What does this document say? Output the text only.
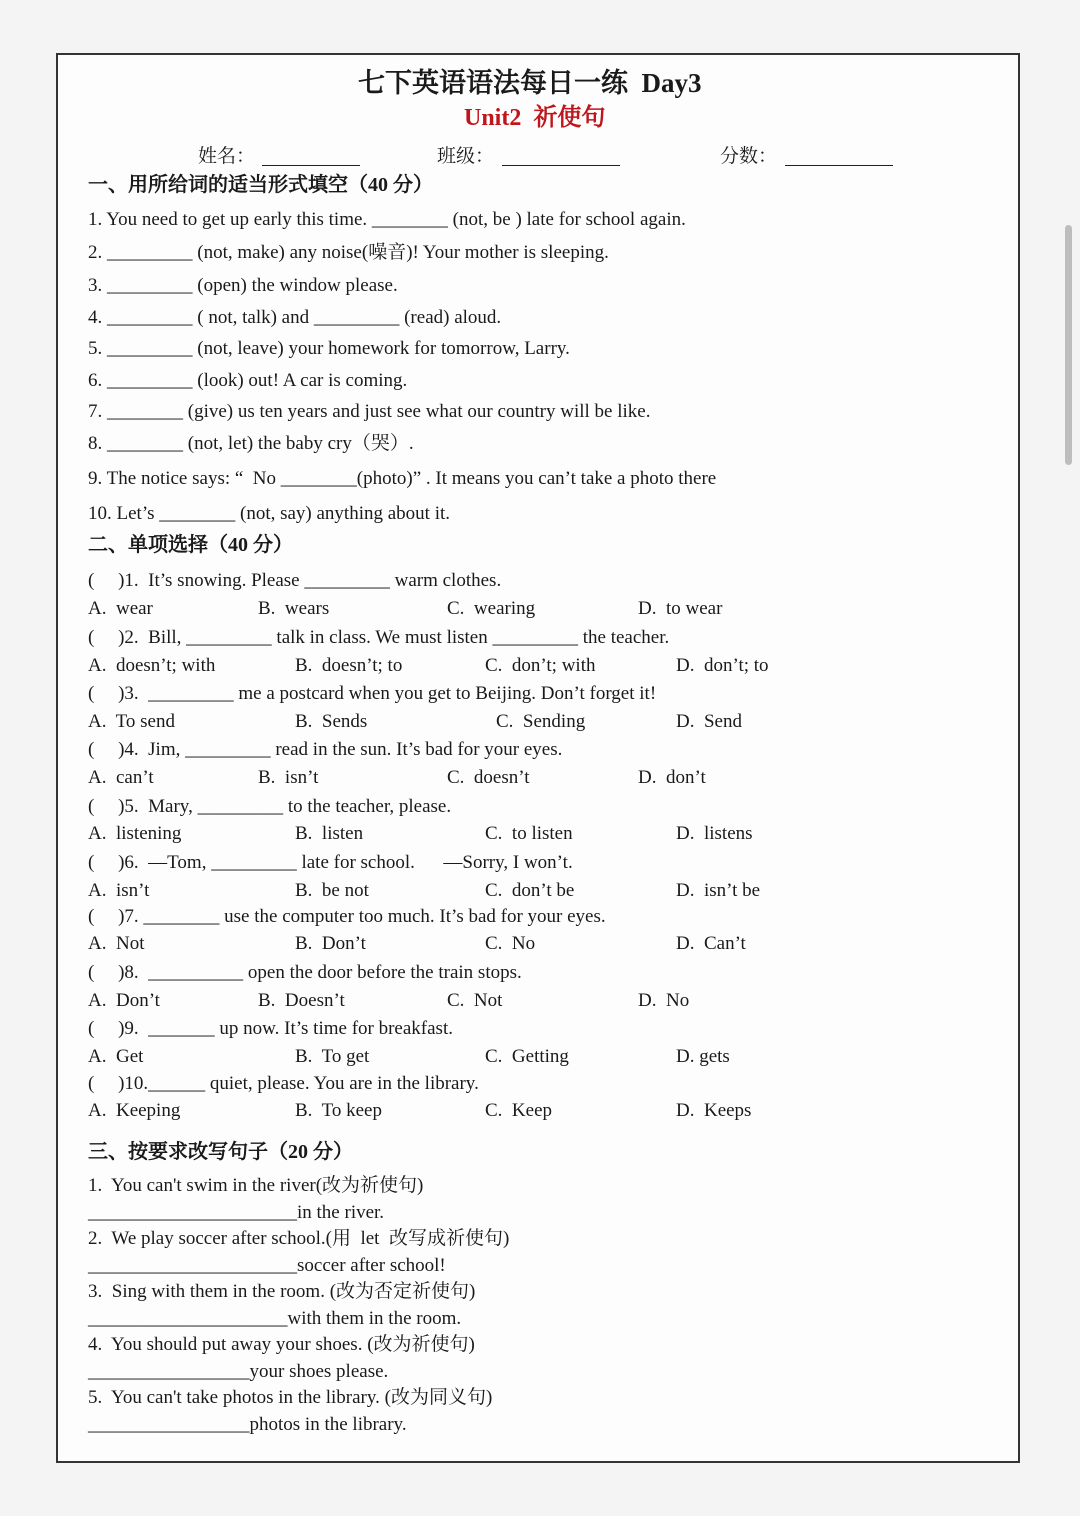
七下英语语法每日一练  Day3
Unit2  祈使句
姓名：	班级：	分数：
一、用所给词的适当形式填空（40 分）
1. You need to get up early this time. ________ (not, be ) late for school again.
2. _________ (not, make) any noise(噪音)! Your mother is sleeping.
3. _________ (open) the window please.
4. _________ ( not, talk) and _________ (read) aloud.
5. _________ (not, leave) your homework for tomorrow, Larry.
6. _________ (look) out! A car is coming.
7. ________ (give) us ten years and just see what our country will be like.
8. ________ (not, let) the baby cry（哭）.
9. The notice says: “  No ________(photo)” . It means you can’t take a photo there
10. Let’s ________ (not, say) anything about it.
二、单项选择（40 分）
(     )1.  It’s snowing. Please _________ warm clothes.
A.  wear	B.  wears	C.  wearing	D.  to wear
(     )2.  Bill, _________ talk in class. We must listen _________ the teacher.
A.  doesn’t; with	B.  doesn’t; to	C.  don’t; with	D.  don’t; to
(     )3.  _________ me a postcard when you get to Beijing. Don’t forget it!
A.  To send	B.  Sends	C.  Sending	D.  Send
(     )4.  Jim, _________ read in the sun. It’s bad for your eyes.
A.  can’t	B.  isn’t	C.  doesn’t	D.  don’t
(     )5.  Mary, _________ to the teacher, please.
A.  listening	B.  listen	C.  to listen	D.  listens
(     )6.  —Tom, _________ late for school.      —Sorry, I won’t.
A.  isn’t	B.  be not	C.  don’t be	D.  isn’t be
(     )7. ________ use the computer too much. It’s bad for your eyes.
A.  Not	B.  Don’t	C.  No	D.  Can’t
(     )8.  __________ open the door before the train stops.
A.  Don’t	B.  Doesn’t	C.  Not	D.  No
(     )9.  _______ up now. It’s time for breakfast.
A.  Get	B.  To get	C.  Getting	D. gets
(     )10.______ quiet, please. You are in the library.
A.  Keeping	B.  To keep	C.  Keep	D.  Keeps
三、按要求改写句子（20 分）
1.  You can't swim in the river(改为祈使句)
______________________in the river.
2.  We play soccer after school.(用  let  改写成祈使句)
______________________soccer after school!
3.  Sing with them in the room. (改为否定祈使句)
_____________________with them in the room.
4.  You should put away your shoes. (改为祈使句)
_________________your shoes please.
5.  You can't take photos in the library. (改为同义句)
_________________photos in the library.
